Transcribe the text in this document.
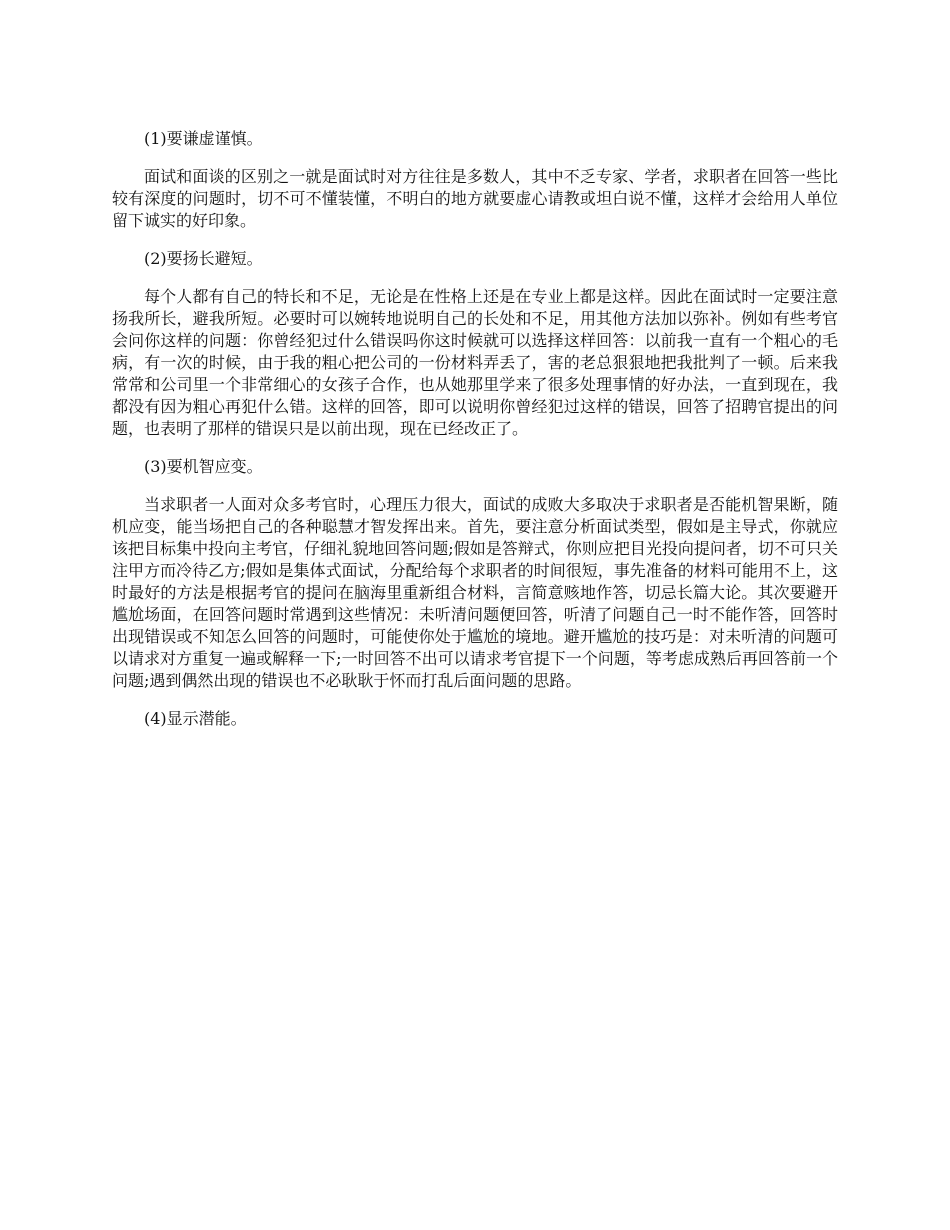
(1)要谦虚谨慎。

面试和面谈的区别之一就是面试时对方往往是多数人，其中不乏专家、学者，求职者在回答一些比较有深度的问题时，切不可不懂装懂，不明白的地方就要虚心请教或坦白说不懂，这样才会给用人单位留下诚实的好印象。

(2)要扬长避短。

每个人都有自己的特长和不足，无论是在性格上还是在专业上都是这样。因此在面试时一定要注意扬我所长，避我所短。必要时可以婉转地说明自己的长处和不足，用其他方法加以弥补。例如有些考官会问你这样的问题：你曾经犯过什么错误吗你这时候就可以选择这样回答：以前我一直有一个粗心的毛病，有一次的时候，由于我的粗心把公司的一份材料弄丢了，害的老总狠狠地把我批判了一顿。后来我常常和公司里一个非常细心的女孩子合作，也从她那里学来了很多处理事情的好办法，一直到现在，我都没有因为粗心再犯什么错。这样的回答，即可以说明你曾经犯过这样的错误，回答了招聘官提出的问题，也表明了那样的错误只是以前出现，现在已经改正了。

(3)要机智应变。

当求职者一人面对众多考官时，心理压力很大，面试的成败大多取决于求职者是否能机智果断，随机应变，能当场把自己的各种聪慧才智发挥出来。首先，要注意分析面试类型，假如是主导式，你就应该把目标集中投向主考官，仔细礼貌地回答问题;假如是答辩式，你则应把目光投向提问者，切不可只关注甲方而冷待乙方;假如是集体式面试，分配给每个求职者的时间很短，事先准备的材料可能用不上，这时最好的方法是根据考官的提问在脑海里重新组合材料，言简意赅地作答，切忌长篇大论。其次要避开尴尬场面，在回答问题时常遇到这些情况：未听清问题便回答，听清了问题自己一时不能作答，回答时出现错误或不知怎么回答的问题时，可能使你处于尴尬的境地。避开尴尬的技巧是：对未听清的问题可以请求对方重复一遍或解释一下;一时回答不出可以请求考官提下一个问题，等考虑成熟后再回答前一个问题;遇到偶然出现的错误也不必耿耿于怀而打乱后面问题的思路。

(4)显示潜能。
